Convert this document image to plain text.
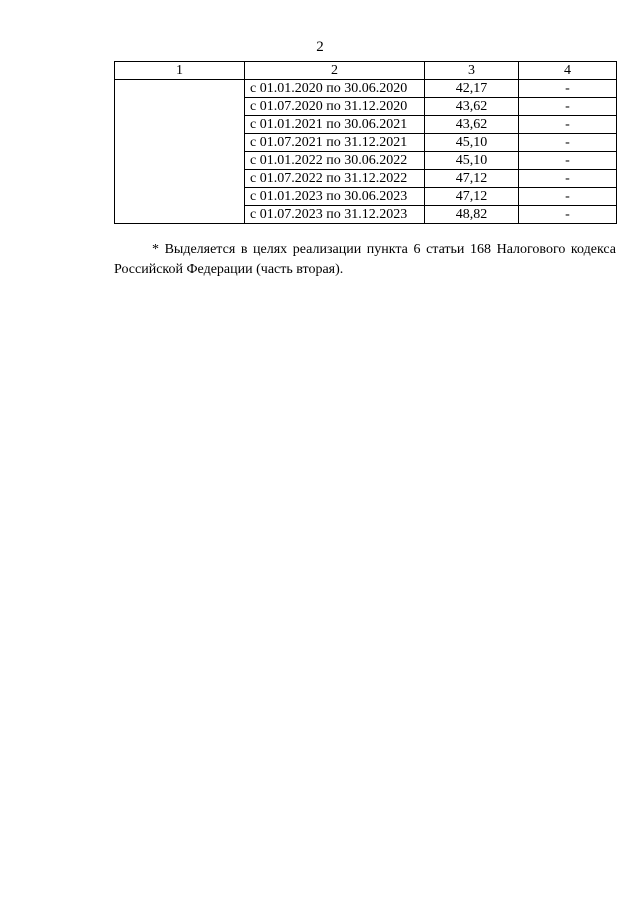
2
1	2	3	4
	с 01.01.2020 по 30.06.2020	42,17	-
	с 01.07.2020 по 31.12.2020	43,62	-
	с 01.01.2021 по 30.06.2021	43,62	-
	с 01.07.2021 по 31.12.2021	45,10	-
	с 01.01.2022 по 30.06.2022	45,10	-
	с 01.07.2022 по 31.12.2022	47,12	-
	с 01.01.2023 по 30.06.2023	47,12	-
	с 01.07.2023 по 31.12.2023	48,82	-

* Выделяется в целях реализации пункта 6 статьи 168 Налогового кодекса Российской Федерации (часть вторая).
